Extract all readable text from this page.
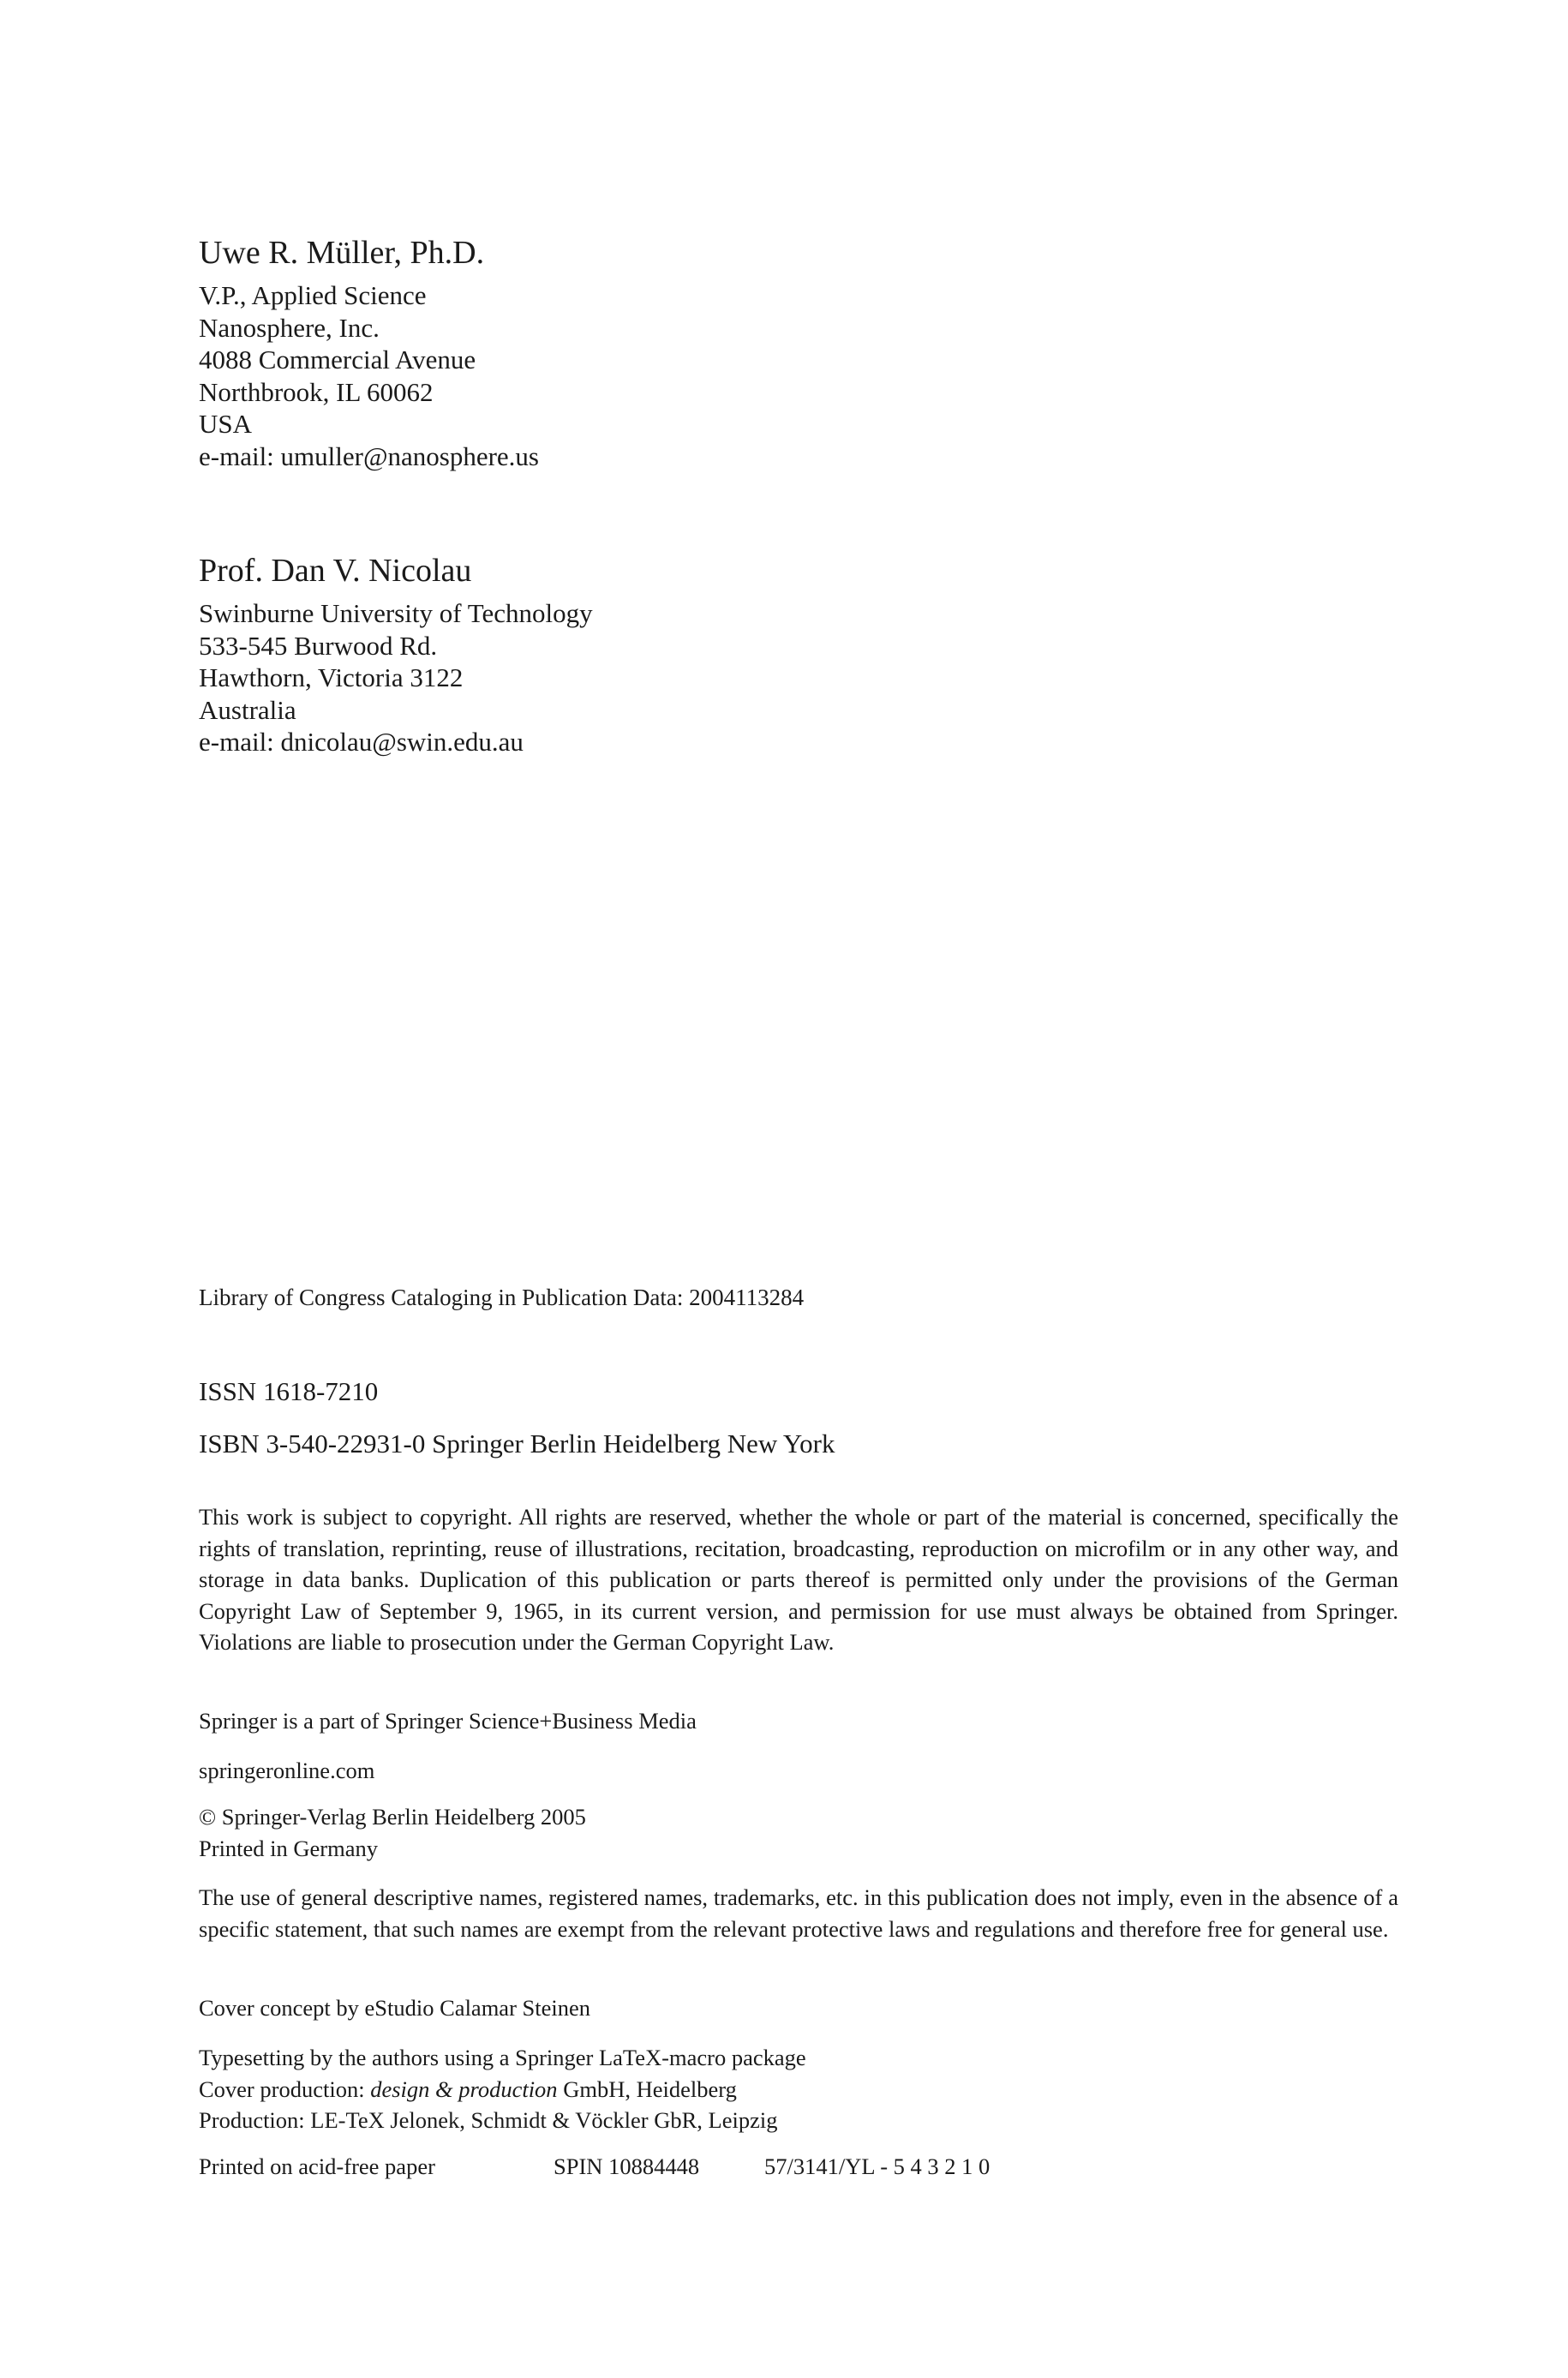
Uwe R. Müller, Ph.D.

V.P., Applied Science

Nanosphere, Inc.

4088 Commercial Avenue

Northbrook, IL 60062

USA

e-mail: umuller@nanosphere.us

Prof. Dan V. Nicolau

Swinburne University of Technology

533-545 Burwood Rd.

Hawthorn, Victoria 3122

Australia

e-mail: dnicolau@swin.edu.au

Library of Congress Cataloging in Publication Data: 2004113284
ISSN 1618-7210
ISBN 3-540-22931-0 Springer Berlin Heidelberg New York

This work is subject to copyright. All rights are reserved, whether the whole or part of the material is concerned, specifically the rights of translation, reprinting, reuse of illustrations, recitation, broadcasting, reproduction on microfilm or in any other way, and storage in data banks. Duplication of this publication or parts thereof is permitted only under the provisions of the German Copyright Law of September 9, 1965, in its current version, and permission for use must always be obtained from Springer. Violations are liable to prosecution under the German Copyright Law.

Springer is a part of Springer Science+Business Media
springeronline.com

© Springer-Verlag Berlin Heidelberg 2005

Printed in Germany

The use of general descriptive names, registered names, trademarks, etc. in this publication does not imply, even in the absence of a specific statement, that such names are exempt from the relevant protective laws and regulations and therefore free for general use.

Cover concept by eStudio Calamar Steinen

Typesetting by the authors using a Springer LaTeX-macro package

Cover production: design & production GmbH, Heidelberg

Production: LE-TeX Jelonek, Schmidt & Vöckler GbR, Leipzig

Printed on acid-free paper	SPIN 10884448	57/3141/YL - 5 4 3 2 1 0
